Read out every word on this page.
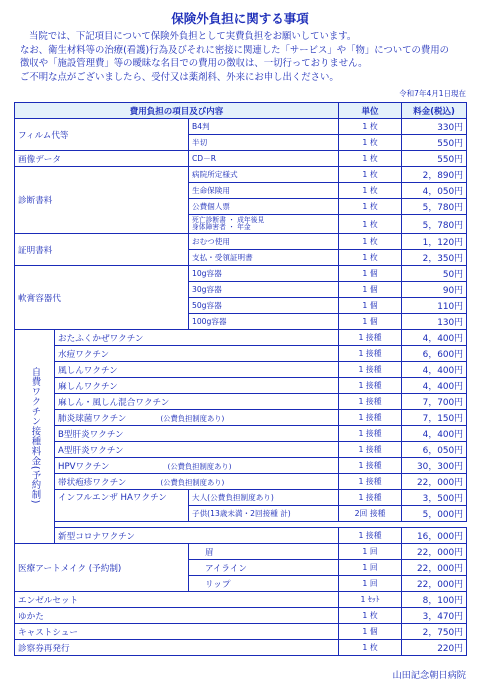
保険外負担に関する事項
当院では、下記項目について保険外負担として実費負担をお願いしています。
なお、衛生材料等の治療(看護)行為及びそれに密接に関連した「サービス」や「物」についての費用の
徴収や「施設管理費」等の曖昧な名目での費用の徴収は、一切行っておりません。
ご不明な点がございましたら、受付又は薬剤科、外来にお申し出ください。
令和7年4月1日現在
費用負担の項目及び内容			単位	料金(税込)
フィルム代等		B4判	1 枚	330円
		半切	1 枚	550円
画像データ		CD－R	1 枚	550円
診断書料		病院所定様式	1 枚	2，890円
		生命保険用	1 枚	4，050円
		公費個人票	1 枚	5，780円

		死亡診断書 ・ 成年後見
身体障害者 ・ 年金	1 枚	5，780円
証明書料		おむつ使用	1 枚	1，120円
		支払・受領証明書	1 枚	2，350円
軟膏容器代		10g容器	1 個	50円
		30g容器	1 個	90円
		50g容器	1 個	110円
		100g容器	1 個	130円
自費ワクチン接種料金(予約制)	おたふくかぜワクチン		1 接種	4，400円
	水痘ワクチン		1 接種	6，600円
	風しんワクチン		1 接種	4，400円
	麻しんワクチン		1 接種	4，400円
	麻しん・風しん混合ワクチン		1 接種	7，700円
	肺炎球菌ワクチン (公費負担制度あり)		1 接種	7，150円
	B型肝炎ワクチン		1 接種	4，400円
	A型肝炎ワクチン		1 接種	6，050円
	HPVワクチン (公費負担制度あり)		1 接種	30，300円
	帯状疱疹ワクチン (公費負担制度あり)		1 接種	22，000円
	インフルエンザ HAワクチン	大人(公費負担制度あり)	1 接種	3，500円
		子供(13歳未満・2回接種 計)	2回 接種	5，000円

	新型コロナワクチン		1 接種	16，000円
医療アートメイク (予約制)		眉	1 回	22，000円
		アイライン	1 回	22，000円
		リップ	1 回	22，000円
エンゼルセット			1 ｾｯﾄ	8，100円
ゆかた			1 枚	3，470円
キャストシュー			1 個	2，750円
診察券再発行			1 枚	220円
山田記念朝日病院
